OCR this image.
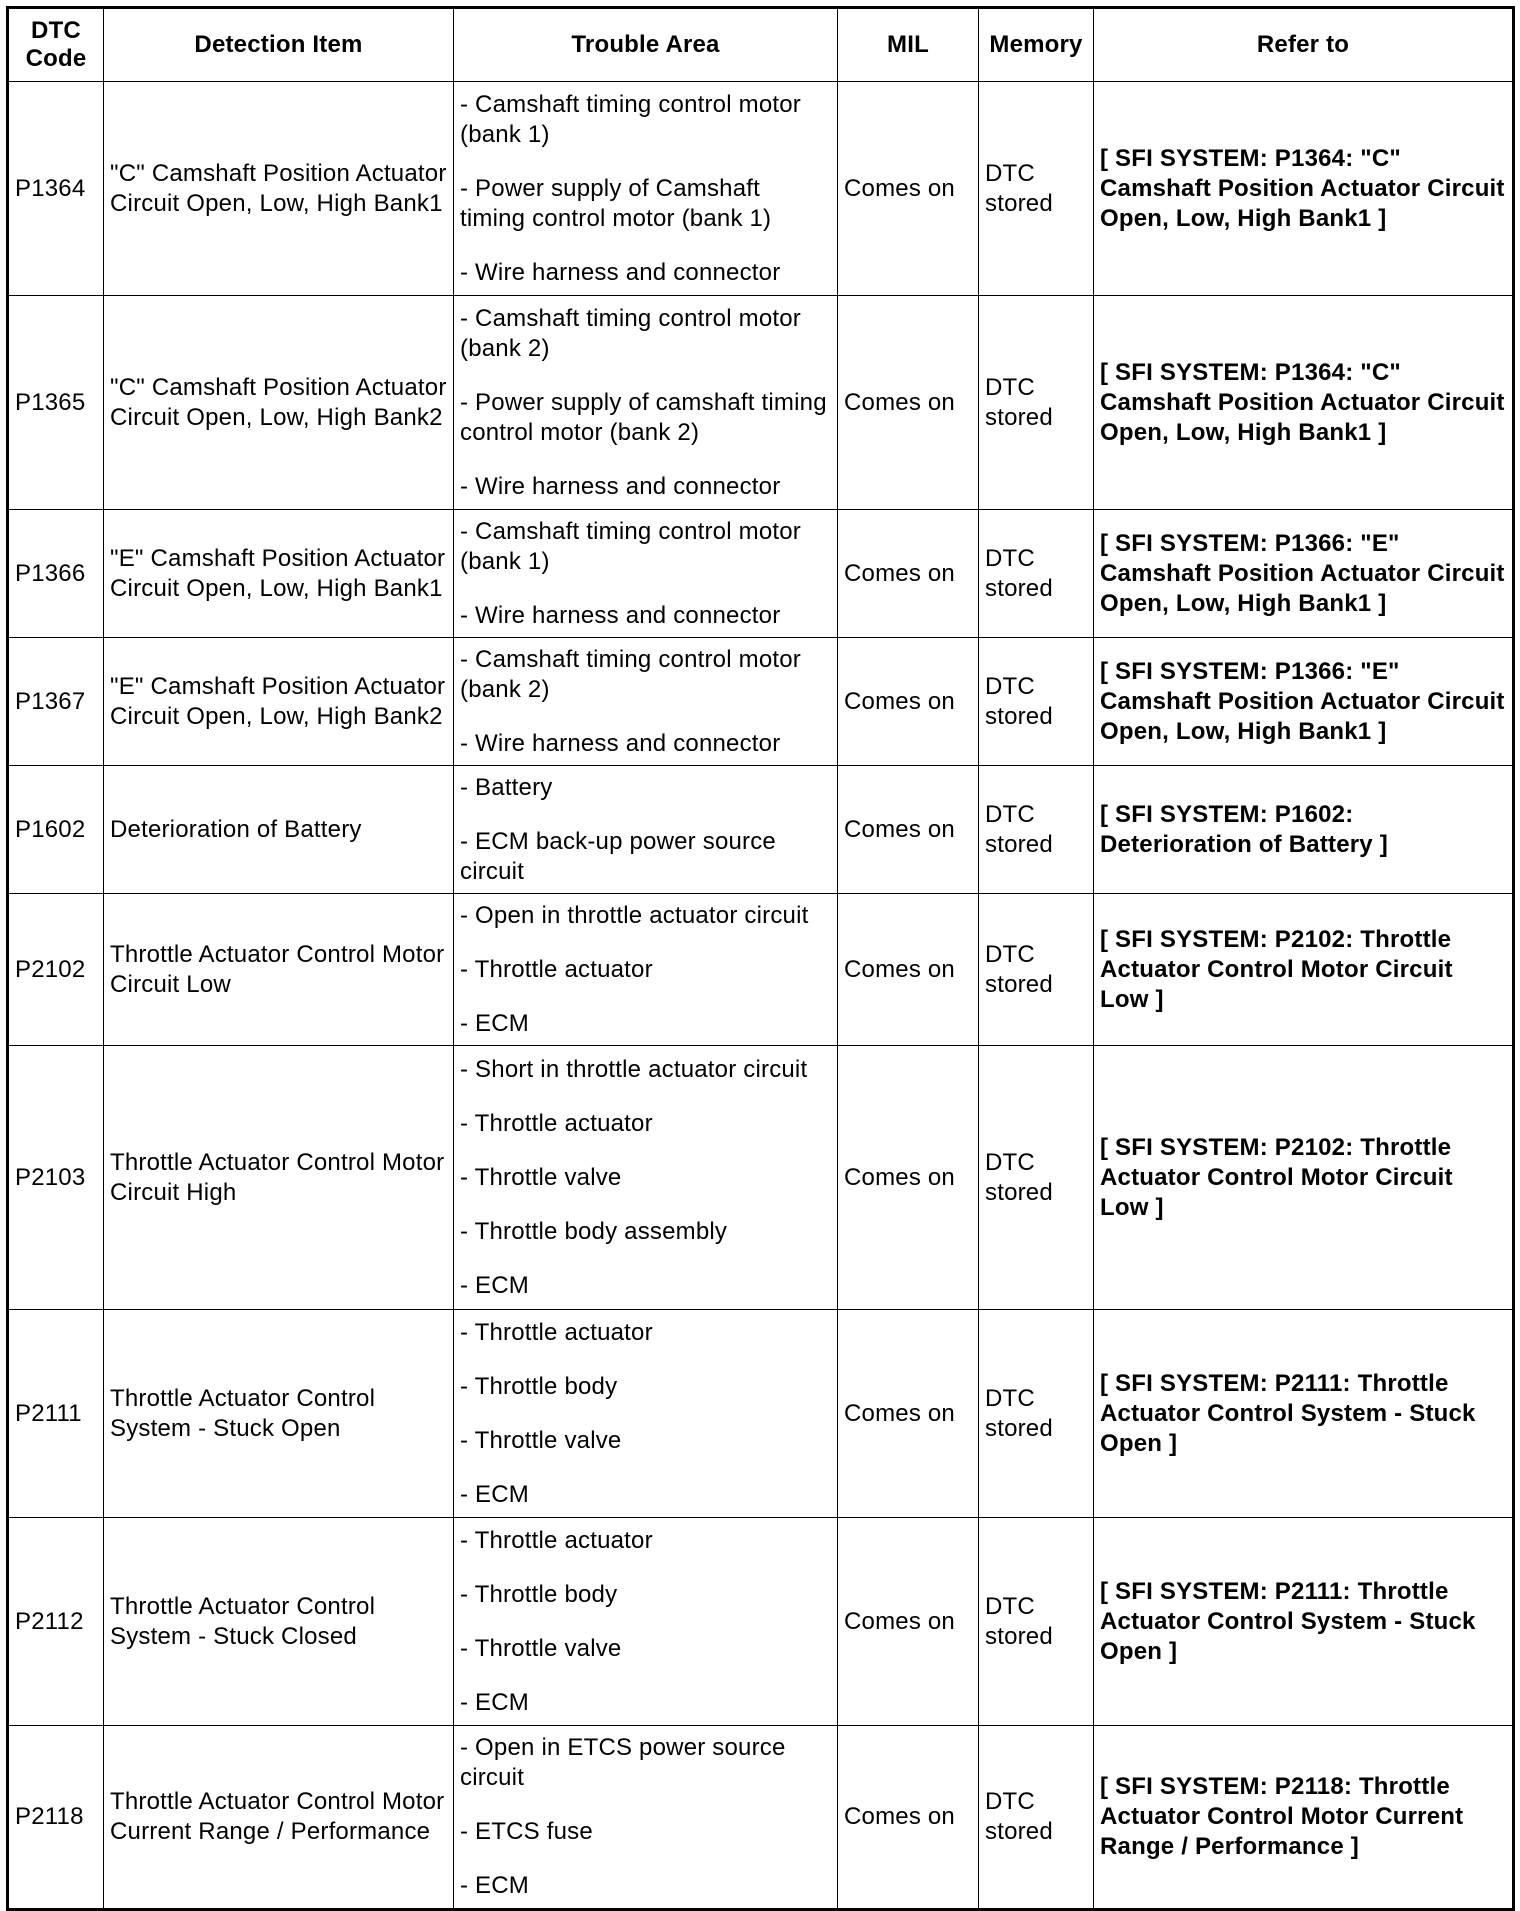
DTC Code	Detection Item	Trouble Area	MIL	Memory	Refer to
P1364	"C" Camshaft Position Actuator Circuit Open, Low, High Bank1	- Camshaft timing control motor (bank 1)
- Power supply of Camshaft timing control motor (bank 1)
- Wire harness and connector	Comes on	DTC stored	[ SFI SYSTEM: P1364: "C" Camshaft Position Actuator Circuit Open, Low, High Bank1 ]
P1365	"C" Camshaft Position Actuator Circuit Open, Low, High Bank2	- Camshaft timing control motor (bank 2)
- Power supply of camshaft timing control motor (bank 2)
- Wire harness and connector	Comes on	DTC stored	[ SFI SYSTEM: P1364: "C" Camshaft Position Actuator Circuit Open, Low, High Bank1 ]
P1366	"E" Camshaft Position Actuator Circuit Open, Low, High Bank1	- Camshaft timing control motor (bank 1)
- Wire harness and connector	Comes on	DTC stored	[ SFI SYSTEM: P1366: "E" Camshaft Position Actuator Circuit Open, Low, High Bank1 ]
P1367	"E" Camshaft Position Actuator Circuit Open, Low, High Bank2	- Camshaft timing control motor (bank 2)
- Wire harness and connector	Comes on	DTC stored	[ SFI SYSTEM: P1366: "E" Camshaft Position Actuator Circuit Open, Low, High Bank1 ]
P1602	Deterioration of Battery	- Battery
- ECM back-up power source circuit	Comes on	DTC stored	[ SFI SYSTEM: P1602: Deterioration of Battery ]
P2102	Throttle Actuator Control Motor Circuit Low	- Open in throttle actuator circuit
- Throttle actuator
- ECM	Comes on	DTC stored	[ SFI SYSTEM: P2102: Throttle Actuator Control Motor Circuit Low ]
P2103	Throttle Actuator Control Motor Circuit High	- Short in throttle actuator circuit
- Throttle actuator
- Throttle valve
- Throttle body assembly
- ECM	Comes on	DTC stored	[ SFI SYSTEM: P2102: Throttle Actuator Control Motor Circuit Low ]
P2111	Throttle Actuator Control System - Stuck Open	- Throttle actuator
- Throttle body
- Throttle valve
- ECM	Comes on	DTC stored	[ SFI SYSTEM: P2111: Throttle Actuator Control System - Stuck Open ]
P2112	Throttle Actuator Control System - Stuck Closed	- Throttle actuator
- Throttle body
- Throttle valve
- ECM	Comes on	DTC stored	[ SFI SYSTEM: P2111: Throttle Actuator Control System - Stuck Open ]
P2118	Throttle Actuator Control Motor Current Range / Performance	- Open in ETCS power source circuit
- ETCS fuse
- ECM	Comes on	DTC stored	[ SFI SYSTEM: P2118: Throttle Actuator Control Motor Current Range / Performance ]
